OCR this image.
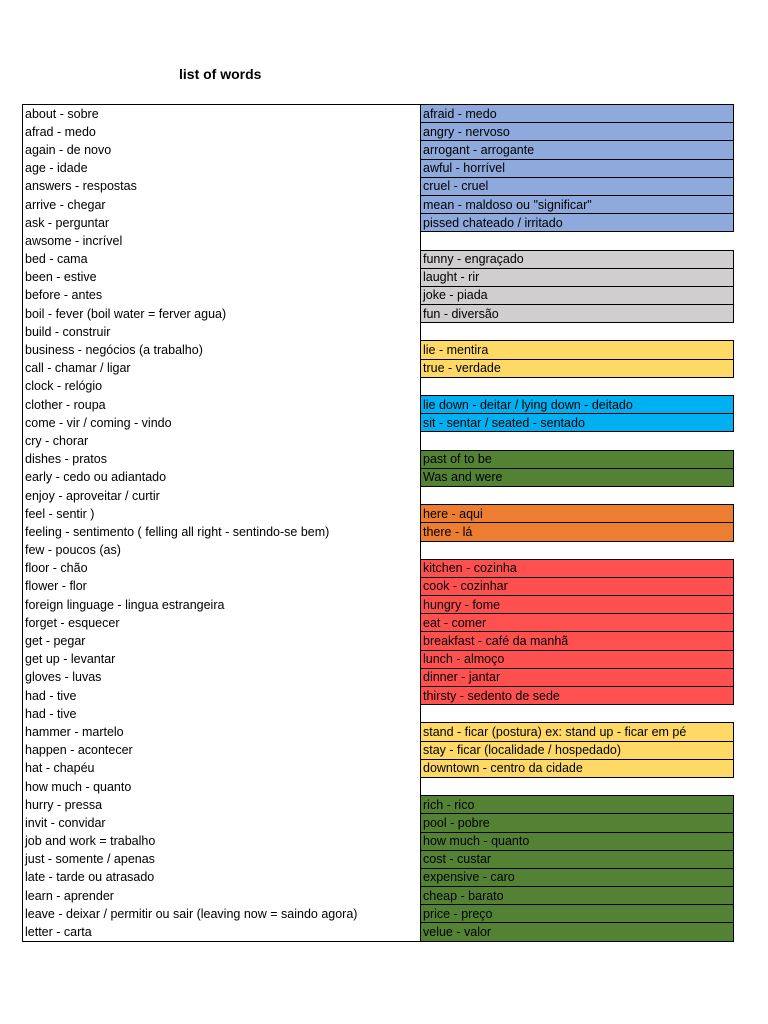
list of words
about - sobre	afraid - medo
afrad - medo	angry - nervoso
again - de novo	arrogant - arrogante
age - idade	awful - horrível
answers - respostas	cruel - cruel
arrive - chegar	mean - maldoso ou "significar"
ask - perguntar	pissed chateado / irritado
awsome - incrível	
bed - cama	funny - engraçado
been - estive	laught - rir
before - antes	joke - piada
boil - fever (boil water = ferver agua)	fun - diversão
build - construir	
business - negócios (a trabalho)	lie - mentira
call - chamar / ligar	true - verdade
clock - relógio	
clother - roupa	lie down - deitar / lying down - deitado
come - vir / coming - vindo	sit - sentar / seated - sentado
cry - chorar	
dishes - pratos	past of to be
early - cedo ou adiantado	Was and were
enjoy - aproveitar / curtir	
feel - sentir )	here - aqui
feeling - sentimento ( felling all right - sentindo-se bem)	there - lá
few - poucos (as)	
floor - chão	kitchen - cozinha
flower - flor	cook - cozinhar
foreign linguage - lingua estrangeira	hungry - fome
forget - esquecer	eat - comer
get - pegar	breakfast - café da manhã
get up - levantar	lunch - almoço
gloves - luvas	dinner - jantar
had - tive	thirsty - sedento de sede
had - tive	
hammer - martelo	stand - ficar (postura) ex: stand up - ficar em pé
happen - acontecer	stay - ficar (localidade / hospedado)
hat - chapéu	downtown - centro da cidade
how much - quanto	
hurry - pressa	rich - rico
invit - convidar	pool - pobre
job and work = trabalho	how much - quanto
just - somente / apenas	cost - custar
late - tarde ou atrasado	expensive - caro
learn - aprender	cheap - barato
leave - deixar / permitir ou sair (leaving now = saindo agora)	price - preço
letter - carta	velue - valor
